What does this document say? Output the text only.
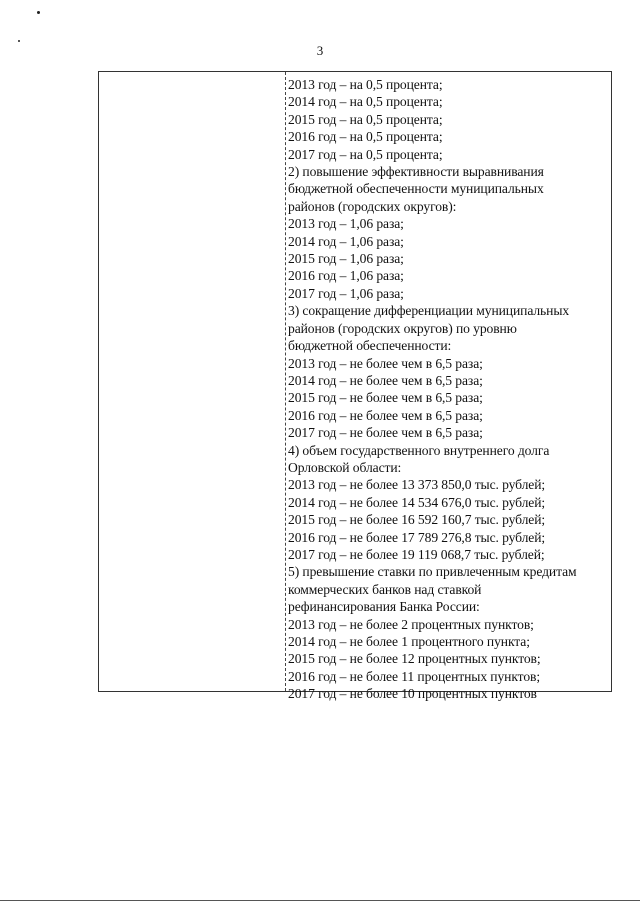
3
2013 год – на 0,5 процента;
2014 год – на 0,5 процента;
2015 год – на 0,5 процента;
2016 год – на 0,5 процента;
2017 год – на 0,5 процента;
2) повышение эффективности выравнивания
бюджетной обеспеченности муниципальных
районов (городских округов):
2013 год – 1,06 раза;
2014 год – 1,06 раза;
2015 год – 1,06 раза;
2016 год – 1,06 раза;
2017 год – 1,06 раза;
3) сокращение дифференциации муниципальных
районов (городских округов) по уровню
бюджетной обеспеченности:
2013 год – не более чем в 6,5 раза;
2014 год – не более чем в 6,5 раза;
2015 год – не более чем в 6,5 раза;
2016 год – не более чем в 6,5 раза;
2017 год – не более чем в 6,5 раза;
4) объем государственного внутреннего долга
Орловской области:
2013 год – не более 13 373 850,0 тыс. рублей;
2014 год – не более 14 534 676,0 тыс. рублей;
2015 год – не более 16 592 160,7 тыс. рублей;
2016 год – не более 17 789 276,8 тыс. рублей;
2017 год – не более 19 119 068,7 тыс. рублей;
5) превышение ставки по привлеченным кредитам
коммерческих банков над ставкой
рефинансирования Банка России:
2013 год – не более 2 процентных пунктов;
2014 год – не более 1 процентного пункта;
2015 год – не более 12 процентных пунктов;
2016 год – не более 11 процентных пунктов;
2017 год – не более 10 процентных пунктов
